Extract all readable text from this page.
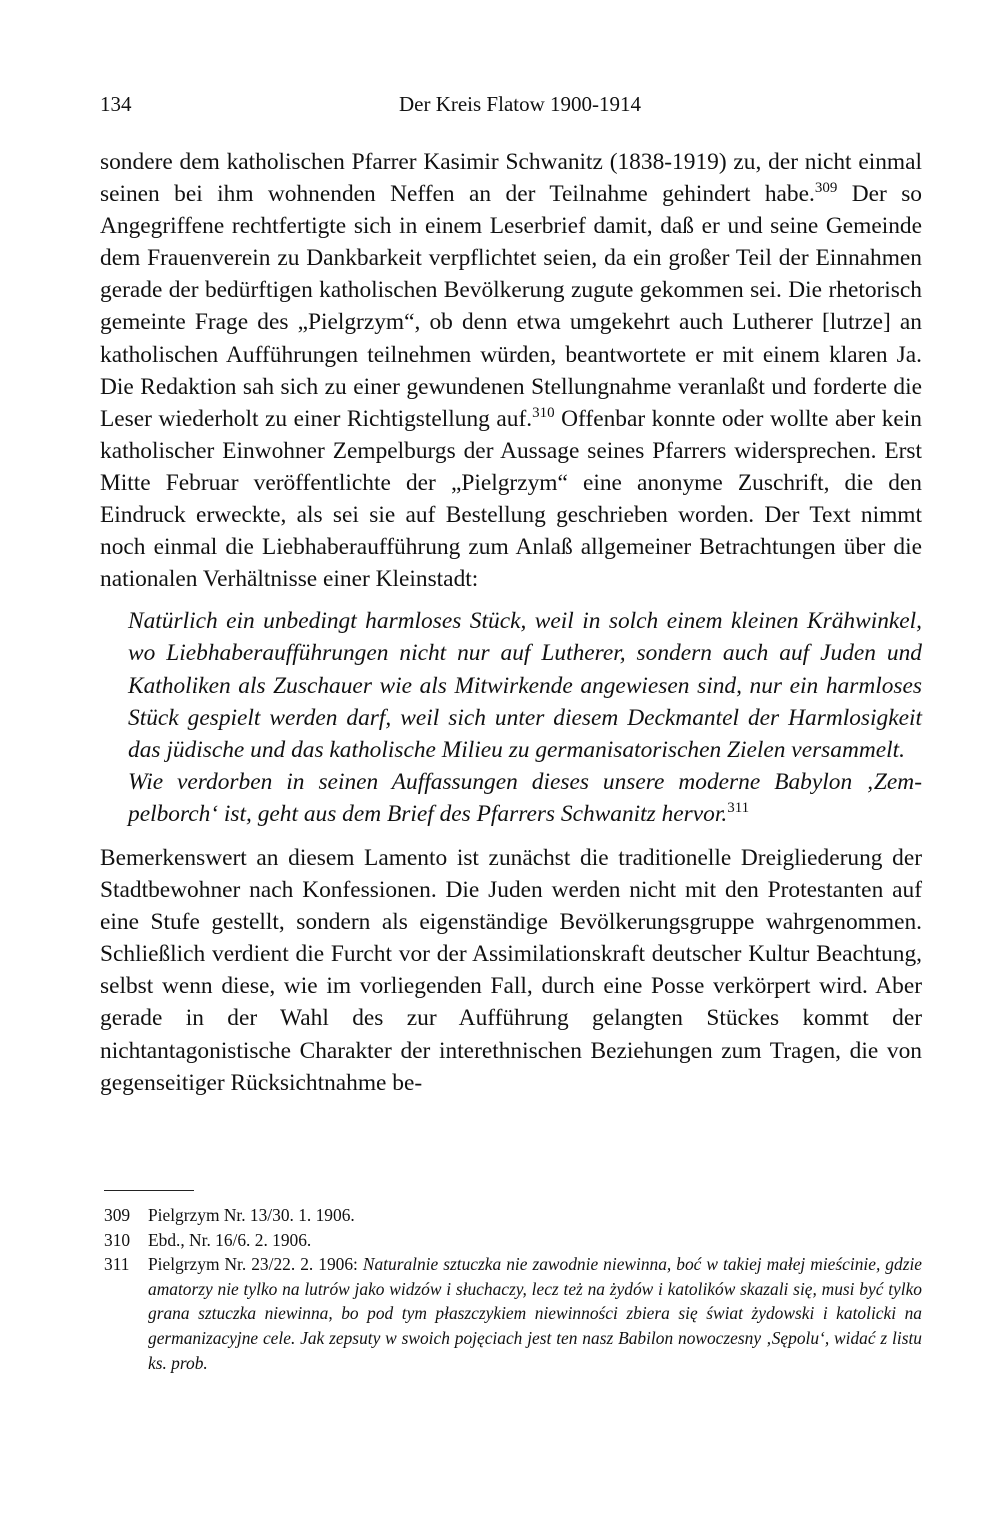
134	Der Kreis Flatow 1900-1914

sondere dem katholischen Pfarrer Kasimir Schwanitz (1838-1919) zu, der nicht einmal seinen bei ihm wohnenden Neffen an der Teilnahme gehindert habe.$^{309}$ Der so Angegriffene rechtfertigte sich in einem Leserbrief damit, daß er und seine Gemeinde dem Frauenverein zu Dankbarkeit verpflichtet seien, da ein großer Teil der Einnahmen gerade der bedürftigen katholischen Bevölkerung zugute gekommen sei. Die rhetorisch gemeinte Frage des „Pielgrzym“, ob denn etwa umgekehrt auch Lutherer [lutrze] an katholischen Aufführungen teilnehmen würden, beantwortete er mit einem klaren Ja. Die Redaktion sah sich zu einer gewundenen Stellungnahme veranlaßt und forderte die Leser wiederholt zu einer Richtigstellung auf.$^{310}$ Offenbar konnte oder wollte aber kein katholischer Einwohner Zempelburgs der Aussage seines Pfarrers widersprechen. Erst Mitte Februar veröffentlichte der „Pielgrzym“ eine anonyme Zuschrift, die den Eindruck erweckte, als sei sie auf Bestellung geschrieben worden. Der Text nimmt noch einmal die Liebhaberaufführung zum Anlaß allgemeiner Betrachtungen über die nationalen Verhältnisse einer Kleinstadt:

Natürlich ein unbedingt harmloses Stück, weil in solch einem kleinen Krähwinkel, wo Liebhaberaufführungen nicht nur auf Lutherer, sondern auch auf Juden und Katholiken als Zuschauer wie als Mitwirkende angewiesen sind, nur ein harmloses Stück gespielt werden darf, weil sich unter diesem Deckmantel der Harmlosigkeit das jüdische und das katholische Milieu zu germanisatorischen Zielen versammelt.

Wie verdorben in seinen Auffassungen dieses unsere moderne Babylon ‚Zempelborch‘ ist, geht aus dem Brief des Pfarrers Schwanitz hervor.$^{311}$

Bemerkenswert an diesem Lamento ist zunächst die traditionelle Dreigliederung der Stadtbewohner nach Konfessionen. Die Juden werden nicht mit den Protestanten auf eine Stufe gestellt, sondern als eigenständige Bevölkerungsgruppe wahrgenommen. Schließlich verdient die Furcht vor der Assimilationskraft deutscher Kultur Beachtung, selbst wenn diese, wie im vorliegenden Fall, durch eine Posse verkörpert wird. Aber gerade in der Wahl des zur Aufführung gelangten Stückes kommt der nichtantagonistische Charakter der interethnischen Beziehungen zum Tragen, die von gegenseitiger Rücksichtnahme be-

309 Pielgrzym Nr. 13/30. 1. 1906.

310 Ebd., Nr. 16/6. 2. 1906.

311 Pielgrzym Nr. 23/22. 2. 1906: Naturalnie sztuczka nie zawodnie niewinna, boć w takiej małej mieścinie, gdzie amatorzy nie tylko na lutrów jako widzów i słuchaczy, lecz też na żydów i katolików skazali się, musi być tylko grana sztuczka niewinna, bo pod tym płaszczykiem niewinności zbiera się świat żydowski i katolicki na germanizacyjne cele. Jak zepsuty w swoich pojęciach jest ten nasz Babilon nowoczesny ‚Sępolu‘, widać z listu ks. prob.
